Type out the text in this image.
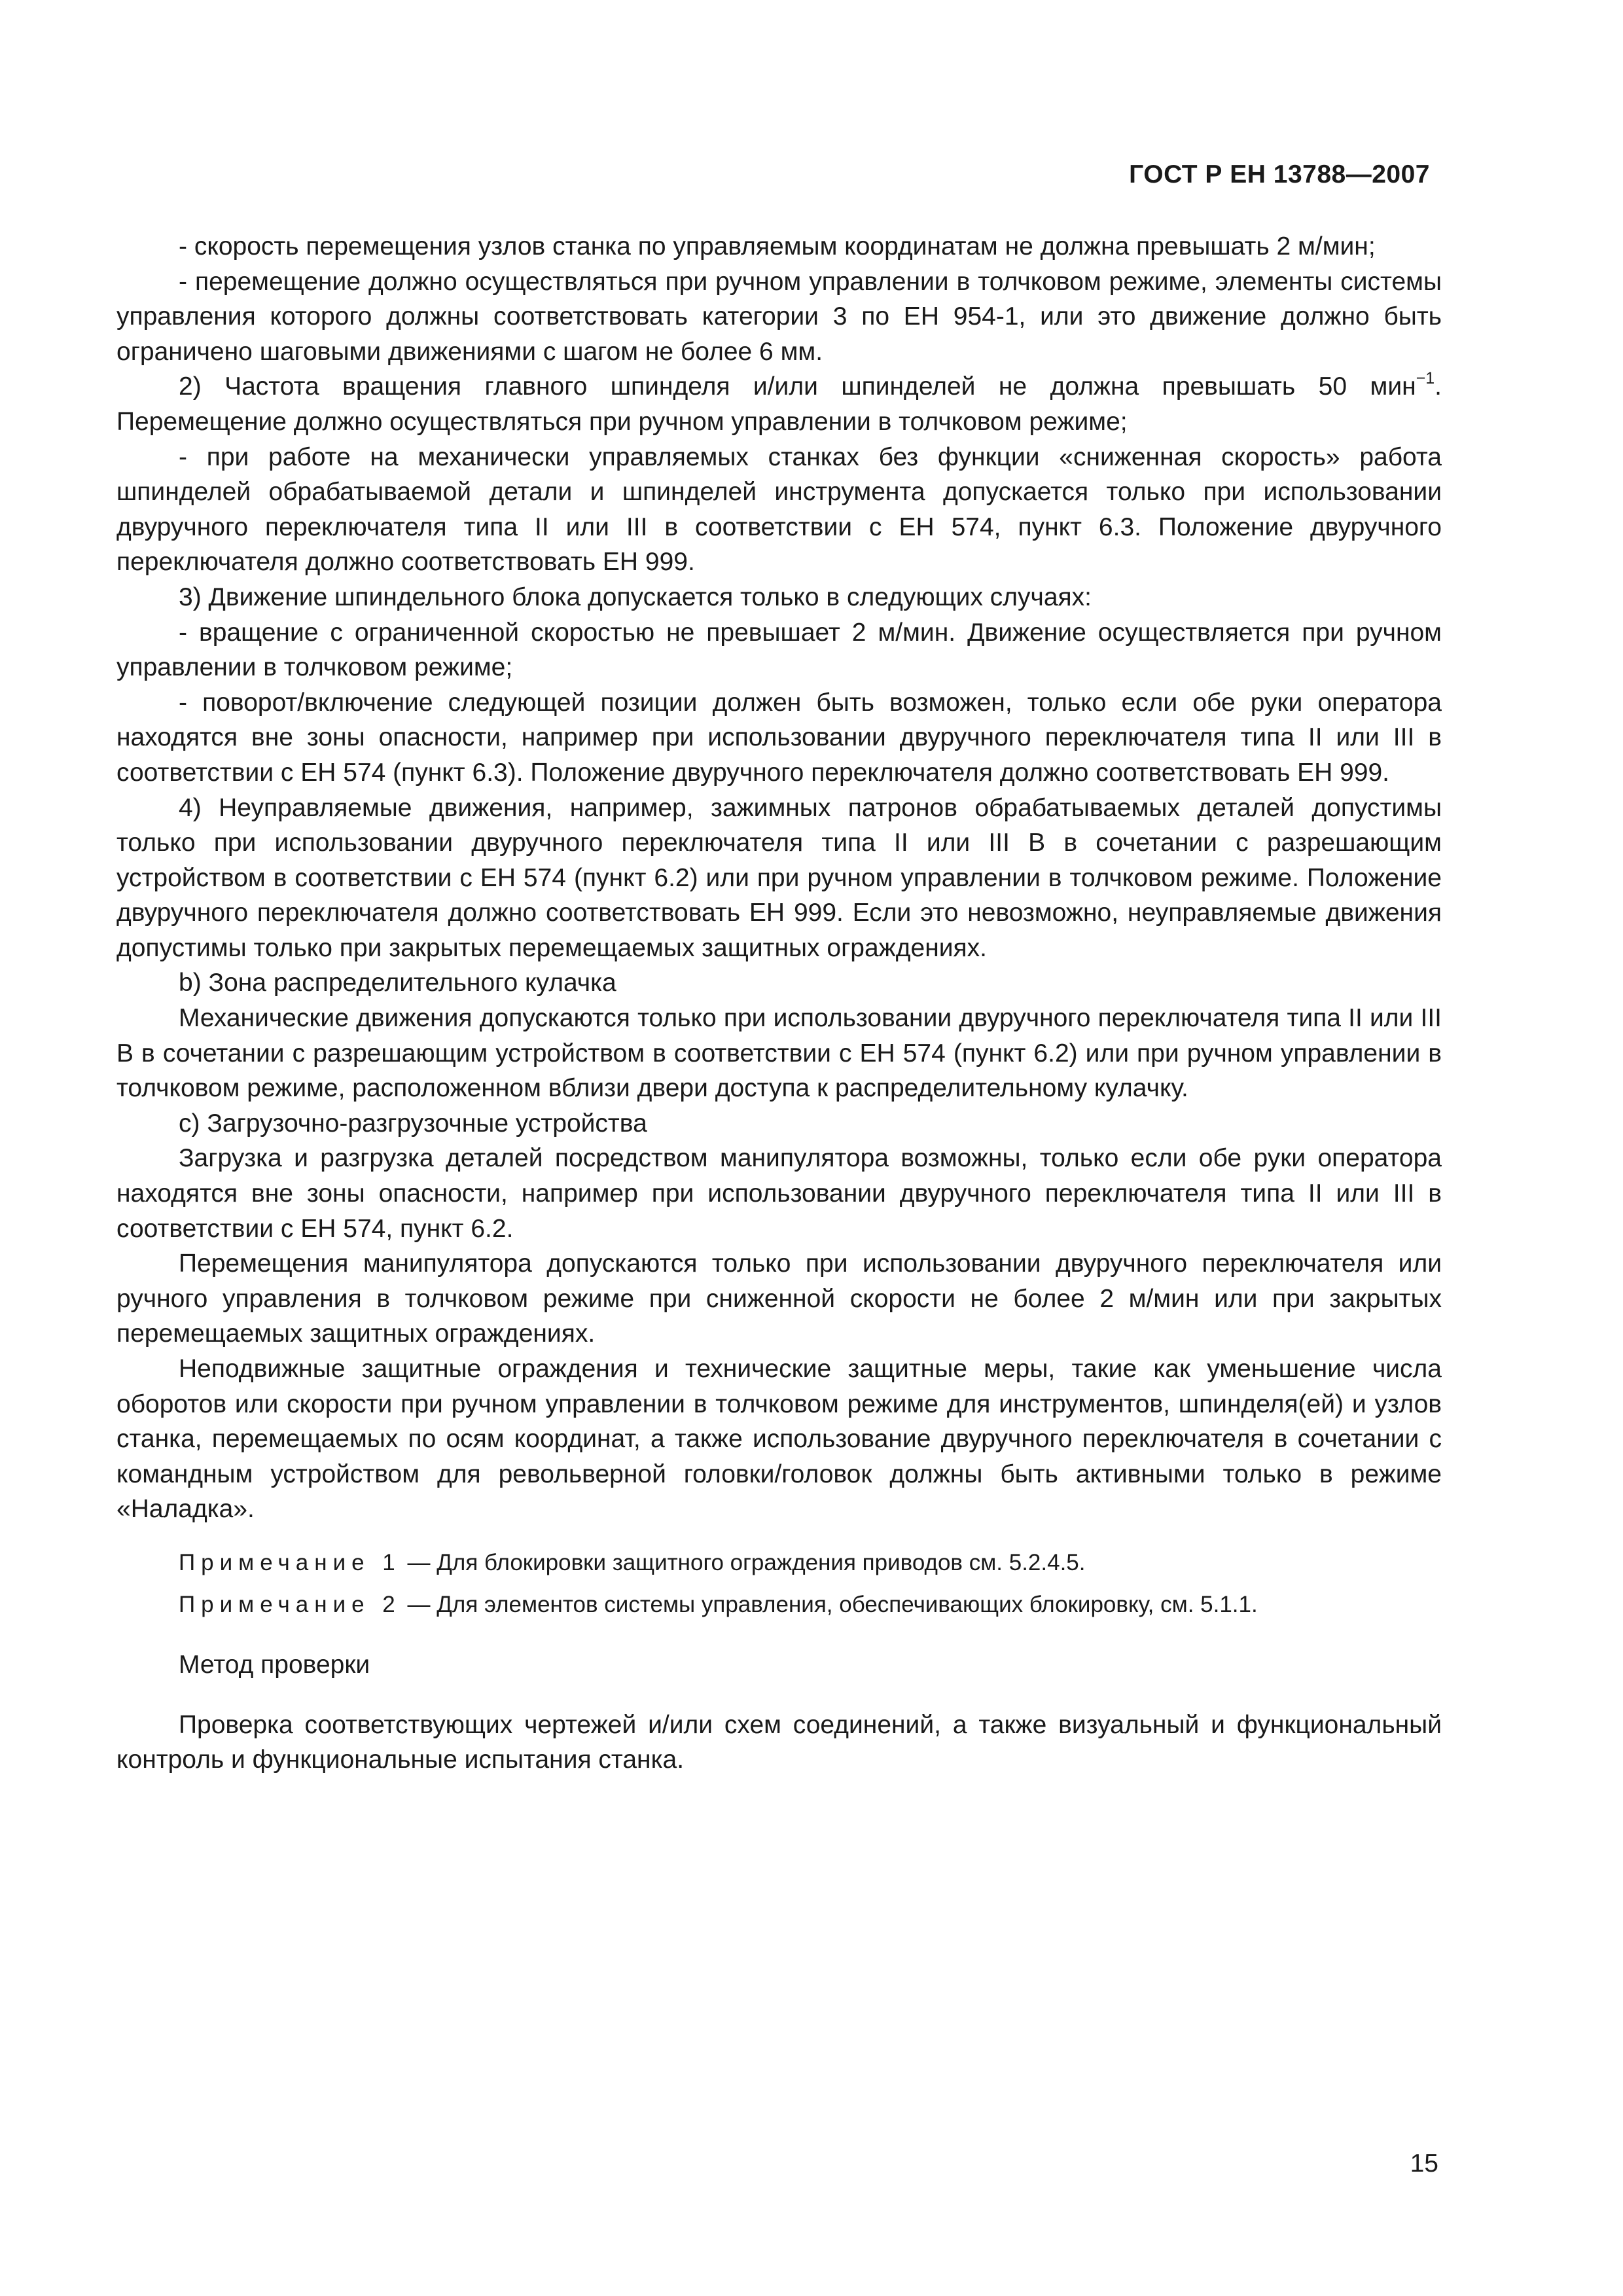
ГОСТ Р ЕН 13788—2007

- скорость перемещения узлов станка по управляемым координатам не должна превышать 2 м/мин;

- перемещение должно осуществляться при ручном управлении в толчковом режиме, элементы системы управления которого должны соответствовать категории 3 по ЕН 954-1, или это движение должно быть ограничено шаговыми движениями с шагом не более 6 мм.

2) Частота вращения главного шпинделя и/или шпинделей не должна превышать 50 мин$^{-1}$. Перемещение должно осуществляться при ручном управлении в толчковом режиме;

- при работе на механически управляемых станках без функции «сниженная скорость» работа шпинделей обрабатываемой детали и шпинделей инструмента допускается только при использовании двуручного переключателя типа II или III в соответствии с ЕН 574, пункт 6.3. Положение двуручного переключателя должно соответствовать ЕН 999.

3) Движение шпиндельного блока допускается только в следующих случаях:

- вращение с ограниченной скоростью не превышает 2 м/мин. Движение осуществляется при ручном управлении в толчковом режиме;

- поворот/включение следующей позиции должен быть возможен, только если обе руки оператора находятся вне зоны опасности, например при использовании двуручного переключателя типа II или III в соответствии с ЕН 574 (пункт 6.3). Положение двуручного переключателя должно соответствовать ЕН 999.

4) Неуправляемые движения, например, зажимных патронов обрабатываемых деталей допустимы только при использовании двуручного переключателя типа II или III В в сочетании с разрешающим устройством в соответствии с ЕН 574 (пункт 6.2) или при ручном управлении в толчковом режиме. Положение двуручного переключателя должно соответствовать ЕН 999. Если это невозможно, неуправляемые движения допустимы только при закрытых перемещаемых защитных ограждениях.

b) Зона распределительного кулачка

Механические движения допускаются только при использовании двуручного переключателя типа II или III В в сочетании с разрешающим устройством в соответствии с ЕН 574 (пункт 6.2) или при ручном управлении в толчковом режиме, расположенном вблизи двери доступа к распределительному кулачку.

c) Загрузочно-разгрузочные устройства

Загрузка и разгрузка деталей посредством манипулятора возможны, только если обе руки оператора находятся вне зоны опасности, например при использовании двуручного переключателя типа II или III в соответствии с ЕН 574, пункт 6.2.

Перемещения манипулятора допускаются только при использовании двуручного переключателя или ручного управления в толчковом режиме при сниженной скорости не более 2 м/мин или при закрытых перемещаемых защитных ограждениях.

Неподвижные защитные ограждения и технические защитные меры, такие как уменьшение числа оборотов или скорости при ручном управлении в толчковом режиме для инструментов, шпинделя(ей) и узлов станка, перемещаемых по осям координат, а также использование двуручного переключателя в сочетании с командным устройством для револьверной головки/головок должны быть активными только в режиме «Наладка».

Примечание 1 — Для блокировки защитного ограждения приводов см. 5.2.4.5.

Примечание 2 — Для элементов системы управления, обеспечивающих блокировку, см. 5.1.1.

Метод проверки

Проверка соответствующих чертежей и/или схем соединений, а также визуальный и функциональный контроль и функциональные испытания станка.

15
